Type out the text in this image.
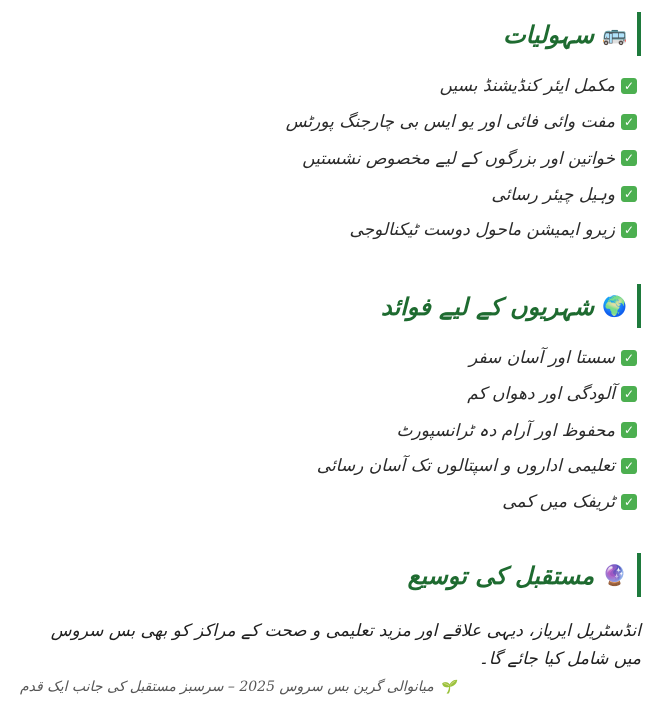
🚌
سہولیات
✓
مکمل ایئر کنڈیشنڈ بسیں
✓
مفت وائی فائی اور یو ایس بی چارجنگ پورٹس
✓
خواتین اور بزرگوں کے لیے مخصوص نشستیں
✓
وہیل چیئر رسائی
✓
زیرو ایمیشن ماحول دوست ٹیکنالوجی
🌍
شہریوں کے لیے فوائد
✓
سستا اور آسان سفر
✓
آلودگی اور دھواں کم
✓
محفوظ اور آرام دہ ٹرانسپورٹ
✓
تعلیمی اداروں و اسپتالوں تک آسان رسائی
✓
ٹریفک میں کمی
🔮
مستقبل کی توسیع
انڈسٹریل ایریاز، دیہی علاقے اور مزید تعلیمی و صحت کے مراکز کو بھی بس سروس میں شامل کیا جائے گا۔
🌱
میانوالی گرین بس سروس 2025 – سرسبز مستقبل کی جانب ایک قدم
